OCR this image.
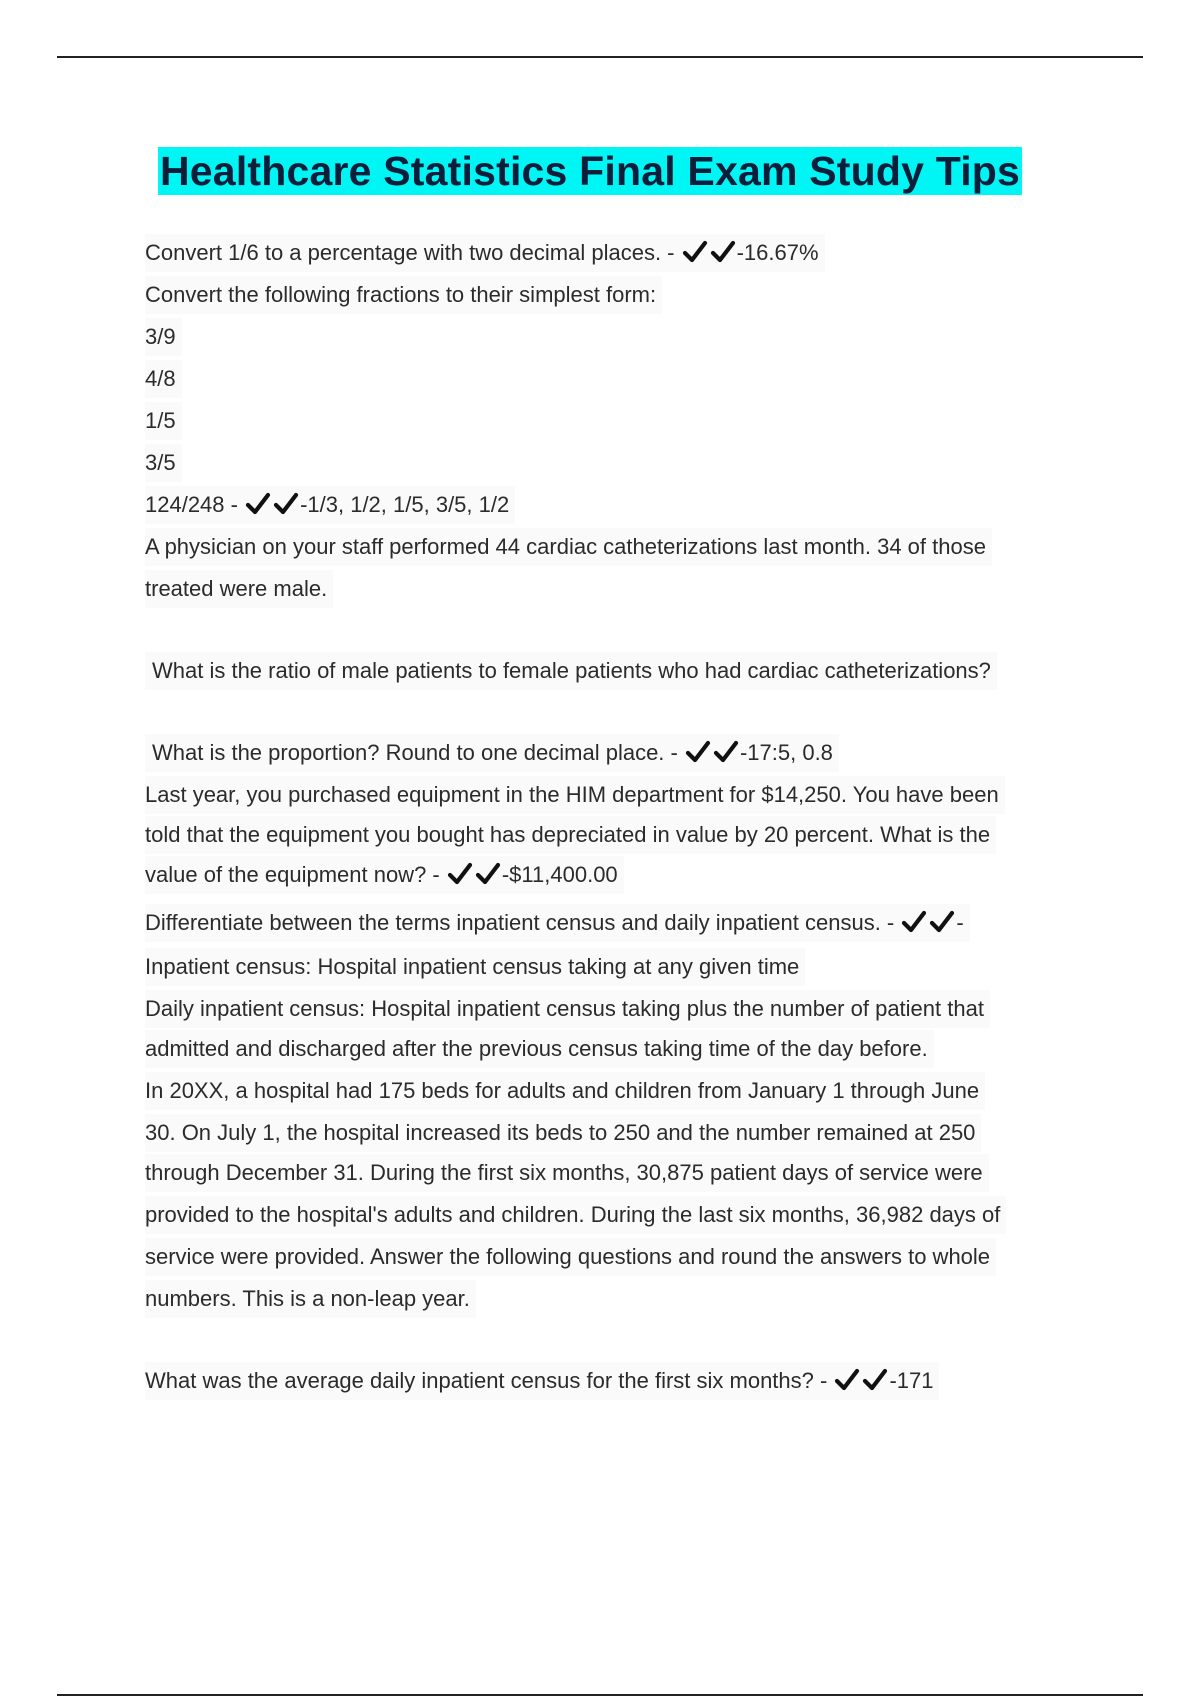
Healthcare Statistics Final Exam Study Tips
Convert 1/6 to a percentage with two decimal places. -	-16.67%
Convert the following fractions to their simplest form:
3/9
4/8
1/5
3/5
124/248 -	-1/3, 1/2, 1/5, 3/5, 1/2
A physician on your staff performed 44 cardiac catheterizations last month. 34 of those
treated were male.
What is the ratio of male patients to female patients who had cardiac catheterizations?
What is the proportion? Round to one decimal place. -	-17:5, 0.8
Last year, you purchased equipment in the HIM department for $14,250. You have been
told that the equipment you bought has depreciated in value by 20 percent. What is the
value of the equipment now? -	-$11,400.00
Differentiate between the terms inpatient census and daily inpatient census. -	-
Inpatient census: Hospital inpatient census taking at any given time
Daily inpatient census: Hospital inpatient census taking plus the number of patient that
admitted and discharged after the previous census taking time of the day before.
In 20XX, a hospital had 175 beds for adults and children from January 1 through June
30. On July 1, the hospital increased its beds to 250 and the number remained at 250
through December 31. During the first six months, 30,875 patient days of service were
provided to the hospital's adults and children. During the last six months, 36,982 days of
service were provided. Answer the following questions and round the answers to whole
numbers. This is a non-leap year.
What was the average daily inpatient census for the first six months? -	-171
